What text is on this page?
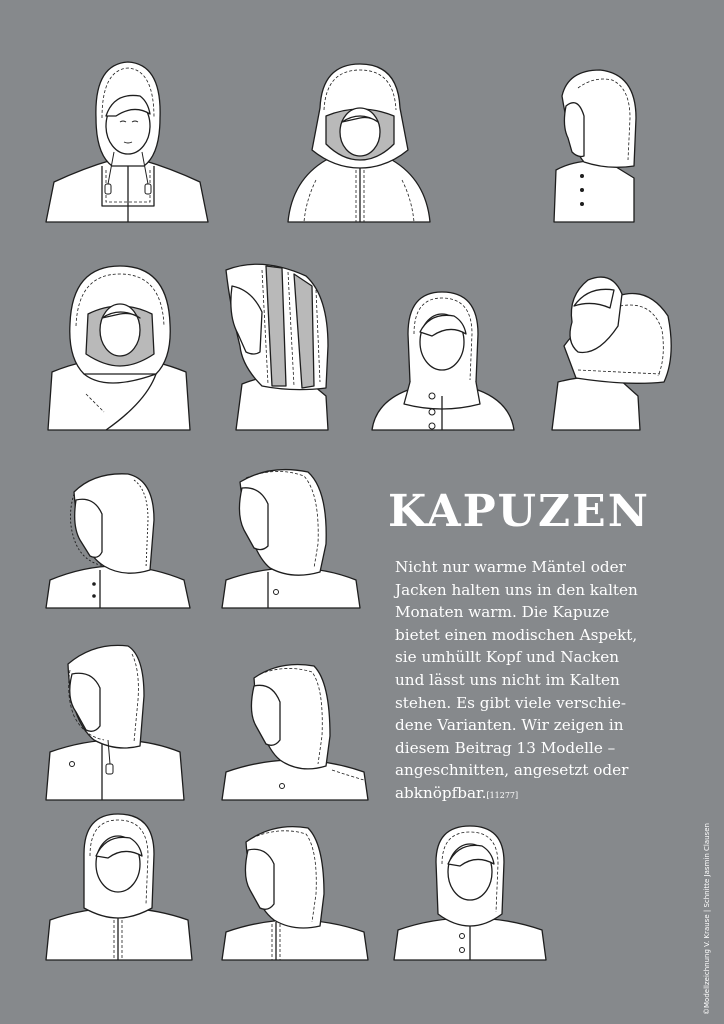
KAPUZEN
Nicht nur warme Mäntel oder
Jacken halten uns in den kalten
Monaten warm. Die Kapuze
bietet einen modischen Aspekt,
sie umhüllt Kopf und Nacken
und lässt uns nicht im Kalten
stehen. Es gibt viele verschie-
dene Varianten. Wir zeigen in
diesem Beitrag 13 Modelle –
angeschnitten, angesetzt oder
abknöpfbar.[11277]
©Modellzeichnung V. Krause | Schnitte Jasmin Clausen
